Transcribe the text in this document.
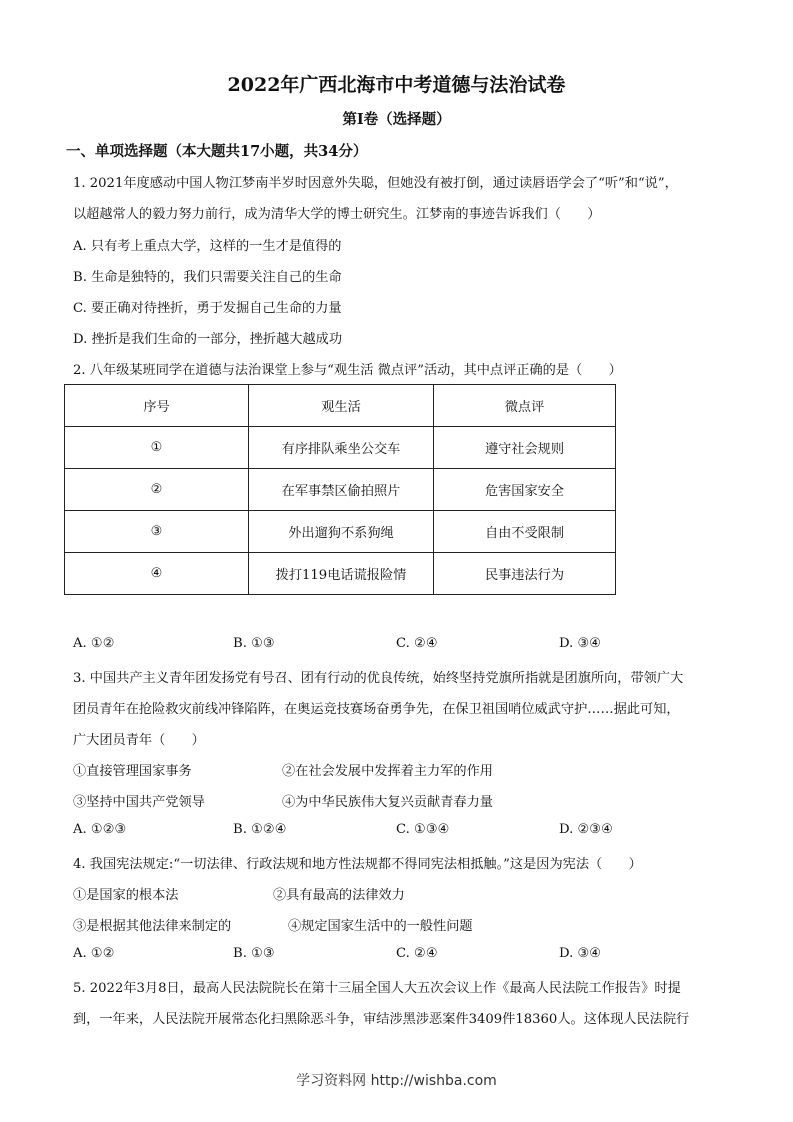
2022年广西北海市中考道德与法治试卷
第I卷（选择题）
一、单项选择题（本大题共17小题，共34分）
1. 2021年度感动中国人物江梦南半岁时因意外失聪，但她没有被打倒，通过读唇语学会了“听”和“说”，
以超越常人的毅力努力前行，成为清华大学的博士研究生。江梦南的事迹告诉我们（　　）
A. 只有考上重点大学，这样的一生才是值得的
B. 生命是独特的，我们只需要关注自己的生命
C. 要正确对待挫折，勇于发掘自己生命的力量
D. 挫折是我们生命的一部分，挫折越大越成功
2. 八年级某班同学在道德与法治课堂上参与“观生活 微点评”活动，其中点评正确的是（　　）
序号	观生活	微点评
①	有序排队乘坐公交车	遵守社会规则
②	在军事禁区偷拍照片	危害国家安全
③	外出遛狗不系狗绳	自由不受限制
④	拨打119电话谎报险情	民事违法行为
A. ①②	B. ①③	C. ②④	D. ③④
3. 中国共产主义青年团发扬党有号召、团有行动的优良传统，始终坚持党旗所指就是团旗所向，带领广大
团员青年在抢险救灾前线冲锋陷阵，在奥运竞技赛场奋勇争先，在保卫祖国哨位威武守护……据此可知，
广大团员青年（　　）
①直接管理国家事务	②在社会发展中发挥着主力军的作用
③坚持中国共产党领导	④为中华民族伟大复兴贡献青春力量
A. ①②③	B. ①②④	C. ①③④	D. ②③④
4. 我国宪法规定:“一切法律、行政法规和地方性法规都不得同宪法相抵触。”这是因为宪法（　　）
①是国家的根本法	②具有最高的法律效力
③是根据其他法律来制定的	④规定国家生活中的一般性问题
A. ①②	B. ①③	C. ②④	D. ③④
5. 2022年3月8日，最高人民法院院长在第十三届全国人大五次会议上作《最高人民法院工作报告》时提
到，一年来，人民法院开展常态化扫黑除恶斗争，审结涉黑涉恶案件3409件18360人。这体现人民法院行
学习资料网 http://wishba.com
